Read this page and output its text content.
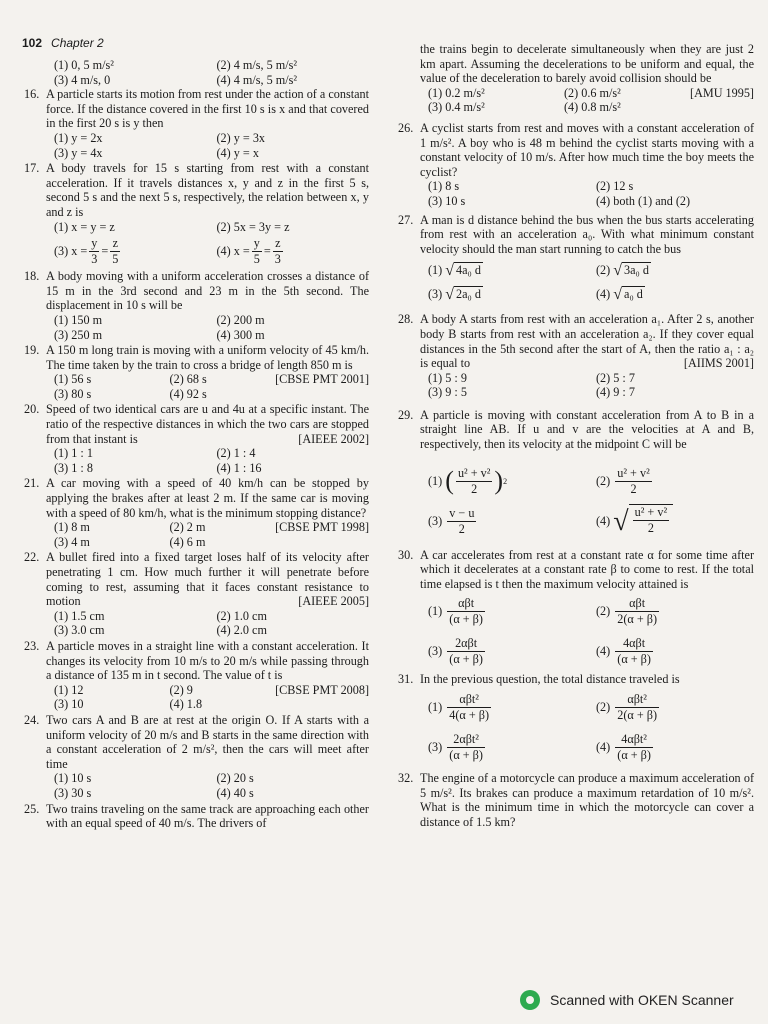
102 Chapter 2
(1) 0, 5 m/s²	(2) 4 m/s, 5 m/s²
(3) 4 m/s, 0	(4) 4 m/s, 5 m/s²
16. A particle starts its motion from rest under the action of a constant force. If the distance covered in the first 10 s is x and that covered in the first 20 s is y then
(1) y = 2x	(2) y = 3x
(3) y = 4x	(4) y = x
17. A body travels for 15 s starting from rest with a constant acceleration. If it travels distances x, y and z in the first 5 s, second 5 s and the next 5 s, respectively, the relation between x, y and z is
(1) x = y = z	(2) 5x = 3y = z
(3) $x = \frac{y}{3} = \frac{z}{5}$	(4) $x = \frac{y}{5} = \frac{z}{3}$
18. A body moving with a uniform acceleration crosses a distance of 15 m in the 3rd second and 23 m in the 5th second. The displacement in 10 s will be
(1) 150 m	(2) 200 m
(3) 250 m	(4) 300 m
19. A 150 m long train is moving with a uniform velocity of 45 km/h. The time taken by the train to cross a bridge of length 850 m is
[CBSE PMT 2001]
(1) 56 s	(2) 68 s
(3) 80 s	(4) 92 s
20. Speed of two identical cars are u and 4u at a specific instant. The ratio of the respective distances in which the two cars are stopped from that instant is	[AIEEE 2002]
(1) 1 : 1	(2) 1 : 4
(3) 1 : 8	(4) 1 : 16
21. A car moving with a speed of 40 km/h can be stopped by applying the brakes after at least 2 m. If the same car is moving with a speed of 80 km/h, what is the minimum stopping distance?
[CBSE PMT 1998]
(1) 8 m	(2) 2 m
(3) 4 m	(4) 6 m
22. A bullet fired into a fixed target loses half of its velocity after penetrating 1 cm. How much further it will penetrate before coming to rest, assuming that it faces constant resistance to motion	[AIEEE 2005]
(1) 1.5 cm	(2) 1.0 cm
(3) 3.0 cm	(4) 2.0 cm
23. A particle moves in a straight line with a constant acceleration. It changes its velocity from 10 m/s to 20 m/s while passing through a distance of 135 m in t second. The value of t is
[CBSE PMT 2008]
(1) 12	(2) 9
(3) 10	(4) 1.8
24. Two cars A and B are at rest at the origin O. If A starts with a uniform velocity of 20 m/s and B starts in the same direction with a constant acceleration of 2 m/s², then the cars will meet after time
(1) 10 s	(2) 20 s
(3) 30 s	(4) 40 s
25. Two trains traveling on the same track are approaching each other with an equal speed of 40 m/s. The drivers of
the trains begin to decelerate simultaneously when they are just 2 km apart. Assuming the decelerations to be uniform and equal, the value of the deceleration to barely avoid collision should be
[AMU 1995]
(1) 0.2 m/s²	(2) 0.6 m/s²
(3) 0.4 m/s²	(4) 0.8 m/s²
26. A cyclist starts from rest and moves with a constant acceleration of 1 m/s². A boy who is 48 m behind the cyclist starts moving with a constant velocity of 10 m/s. After how much time the boy meets the cyclist?
(1) 8 s	(2) 12 s
(3) 10 s	(4) both (1) and (2)
27. A man is d distance behind the bus when the bus starts accelerating from rest with an acceleration a₀. With what minimum constant velocity should the man start running to catch the bus
(1) √ 4a₀ d	(2) √ 3a₀ d
(3) √ 2a₀ d	(4) √ a₀ d
28. A body A starts from rest with an acceleration a₁. After 2 s, another body B starts from rest with an acceleration a₂. If they cover equal distances in the 5th second after the start of A, then the ratio a₁ : a₂ is equal to	[AIIMS 2001]
(1) 5 : 9	(2) 5 : 7
(3) 9 : 5	(4) 9 : 7
29. A particle is moving with constant acceleration from A to B in a straight line AB. If u and v are the velocities at A and B, respectively, then its velocity at the midpoint C will be
(1)
( $\frac{\text{u² + v²}}{2}$ ) 2	(2)
$\frac{\text{u² + v²}}{2}$
(3)
$\frac{v - u}{2}$	(4)
√ $\frac{\text{u² + v²}}{2}$
30. A car accelerates from rest at a constant rate α for some time after which it decelerates at a constant rate β to come to rest. If the total time elapsed is t then the maximum velocity attained is
(1)
$\frac{\text{αβt}}{(\alpha + \beta)}$	(2)
$\frac{\text{αβt}}{2(\alpha + \beta)}$
(3)
$\frac{\text{2αβt}}{(\alpha + \beta)}$	(4)
$\frac{\text{4αβt}}{(\alpha + \beta)}$
31. In the previous question, the total distance traveled is
(1)
$\frac{\text{αβt²}}{4(\alpha + \beta)}$	(2)
$\frac{\text{αβt²}}{2(\alpha + \beta)}$
(3)
$\frac{\text{2αβt²}}{(\alpha + \beta)}$	(4)
$\frac{\text{4αβt²}}{(\alpha + \beta)}$
32. The engine of a motorcycle can produce a maximum acceleration of 5 m/s². Its brakes can produce a maximum retardation of 10 m/s². What is the minimum time in which the motorcycle can cover a distance of 1.5 km?
Scanned with OKEN Scanner
